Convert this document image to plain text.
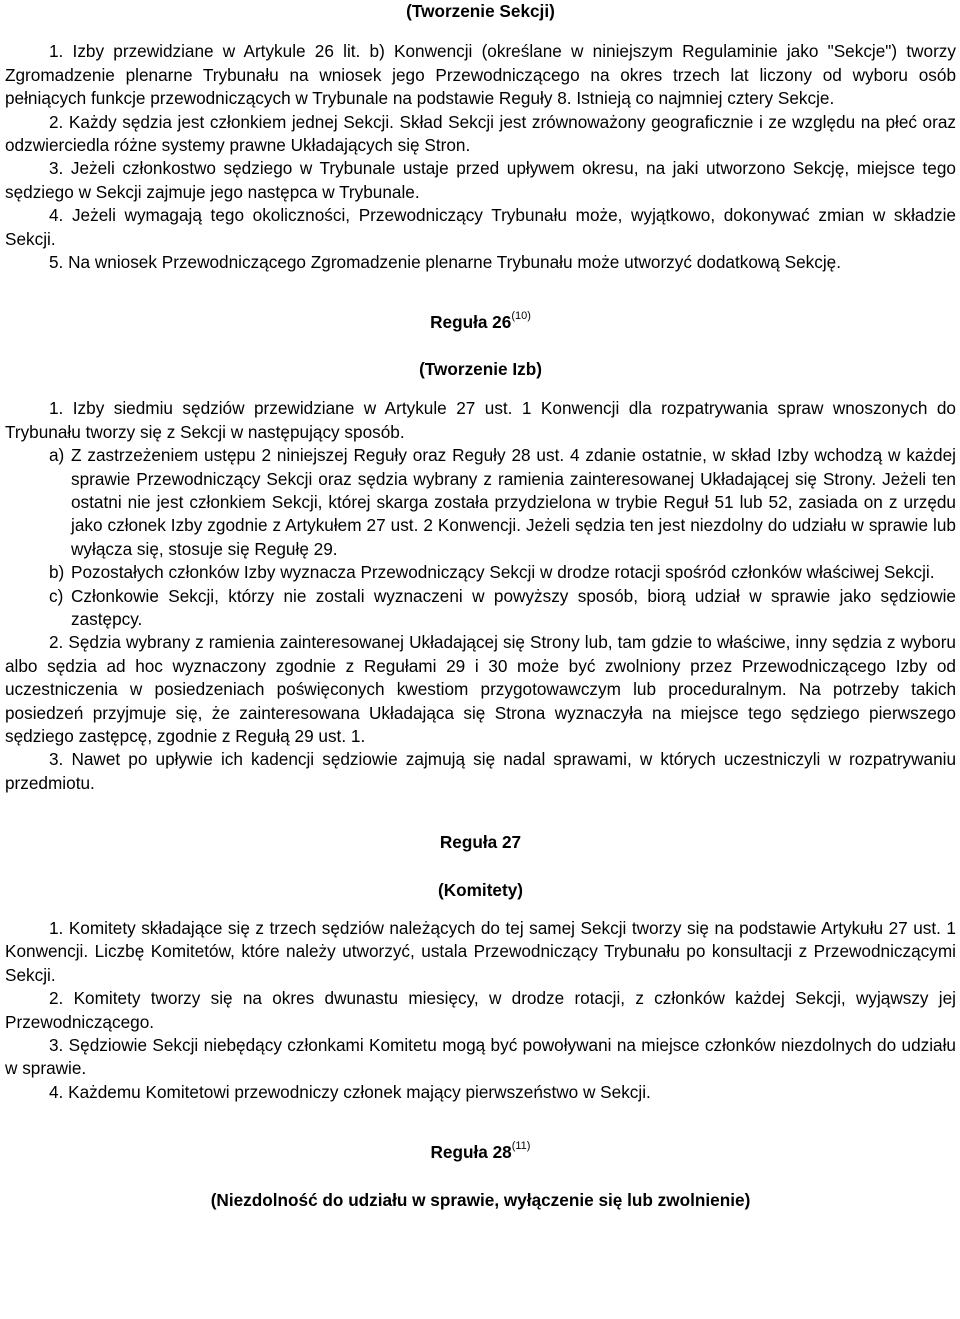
(Tworzenie Sekcji)

1. Izby przewidziane w Artykule 26 lit. b) Konwencji (określane w niniejszym Regulaminie jako "Sekcje") tworzy Zgromadzenie plenarne Trybunału na wniosek jego Przewodniczącego na okres trzech lat liczony od wyboru osób pełniących funkcje przewodniczących w Trybunale na podstawie Reguły 8. Istnieją co najmniej cztery Sekcje.

2. Każdy sędzia jest członkiem jednej Sekcji. Skład Sekcji jest zrównoważony geograficznie i ze względu na płeć oraz odzwierciedla różne systemy prawne Układających się Stron.

3. Jeżeli członkostwo sędziego w Trybunale ustaje przed upływem okresu, na jaki utworzono Sekcję, miejsce tego sędziego w Sekcji zajmuje jego następca w Trybunale.

4. Jeżeli wymagają tego okoliczności, Przewodniczący Trybunału może, wyjątkowo, dokonywać zmian w składzie Sekcji.

5. Na wniosek Przewodniczącego Zgromadzenie plenarne Trybunału może utworzyć dodatkową Sekcję.

Reguła 26$^{(10)}$

(Tworzenie Izb)

1. Izby siedmiu sędziów przewidziane w Artykule 27 ust. 1 Konwencji dla rozpatrywania spraw wnoszonych do Trybunału tworzy się z Sekcji w następujący sposób.

a) Z zastrzeżeniem ustępu 2 niniejszej Reguły oraz Reguły 28 ust. 4 zdanie ostatnie, w skład Izby wchodzą w każdej sprawie Przewodniczący Sekcji oraz sędzia wybrany z ramienia zainteresowanej Układającej się Strony. Jeżeli ten ostatni nie jest członkiem Sekcji, której skarga została przydzielona w trybie Reguł 51 lub 52, zasiada on z urzędu jako członek Izby zgodnie z Artykułem 27 ust. 2 Konwencji. Jeżeli sędzia ten jest niezdolny do udziału w sprawie lub wyłącza się, stosuje się Regułę 29.
b) Pozostałych członków Izby wyznacza Przewodniczący Sekcji w drodze rotacji spośród członków właściwej Sekcji.
c) Członkowie Sekcji, którzy nie zostali wyznaczeni w powyższy sposób, biorą udział w sprawie jako sędziowie zastępcy.

2. Sędzia wybrany z ramienia zainteresowanej Układającej się Strony lub, tam gdzie to właściwe, inny sędzia z wyboru albo sędzia ad hoc wyznaczony zgodnie z Regułami 29 i 30 może być zwolniony przez Przewodniczącego Izby od uczestniczenia w posiedzeniach poświęconych kwestiom przygotowawczym lub proceduralnym. Na potrzeby takich posiedzeń przyjmuje się, że zainteresowana Układająca się Strona wyznaczyła na miejsce tego sędziego pierwszego sędziego zastępcę, zgodnie z Regułą 29 ust. 1.

3. Nawet po upływie ich kadencji sędziowie zajmują się nadal sprawami, w których uczestniczyli w rozpatrywaniu przedmiotu.

Reguła 27

(Komitety)

1. Komitety składające się z trzech sędziów należących do tej samej Sekcji tworzy się na podstawie Artykułu 27 ust. 1 Konwencji. Liczbę Komitetów, które należy utworzyć, ustala Przewodniczący Trybunału po konsultacji z Przewodniczącymi Sekcji.

2. Komitety tworzy się na okres dwunastu miesięcy, w drodze rotacji, z członków każdej Sekcji, wyjąwszy jej Przewodniczącego.

3. Sędziowie Sekcji niebędący członkami Komitetu mogą być powoływani na miejsce członków niezdolnych do udziału w sprawie.

4. Każdemu Komitetowi przewodniczy członek mający pierwszeństwo w Sekcji.

Reguła 28$^{(11)}$

(Niezdolność do udziału w sprawie, wyłączenie się lub zwolnienie)
